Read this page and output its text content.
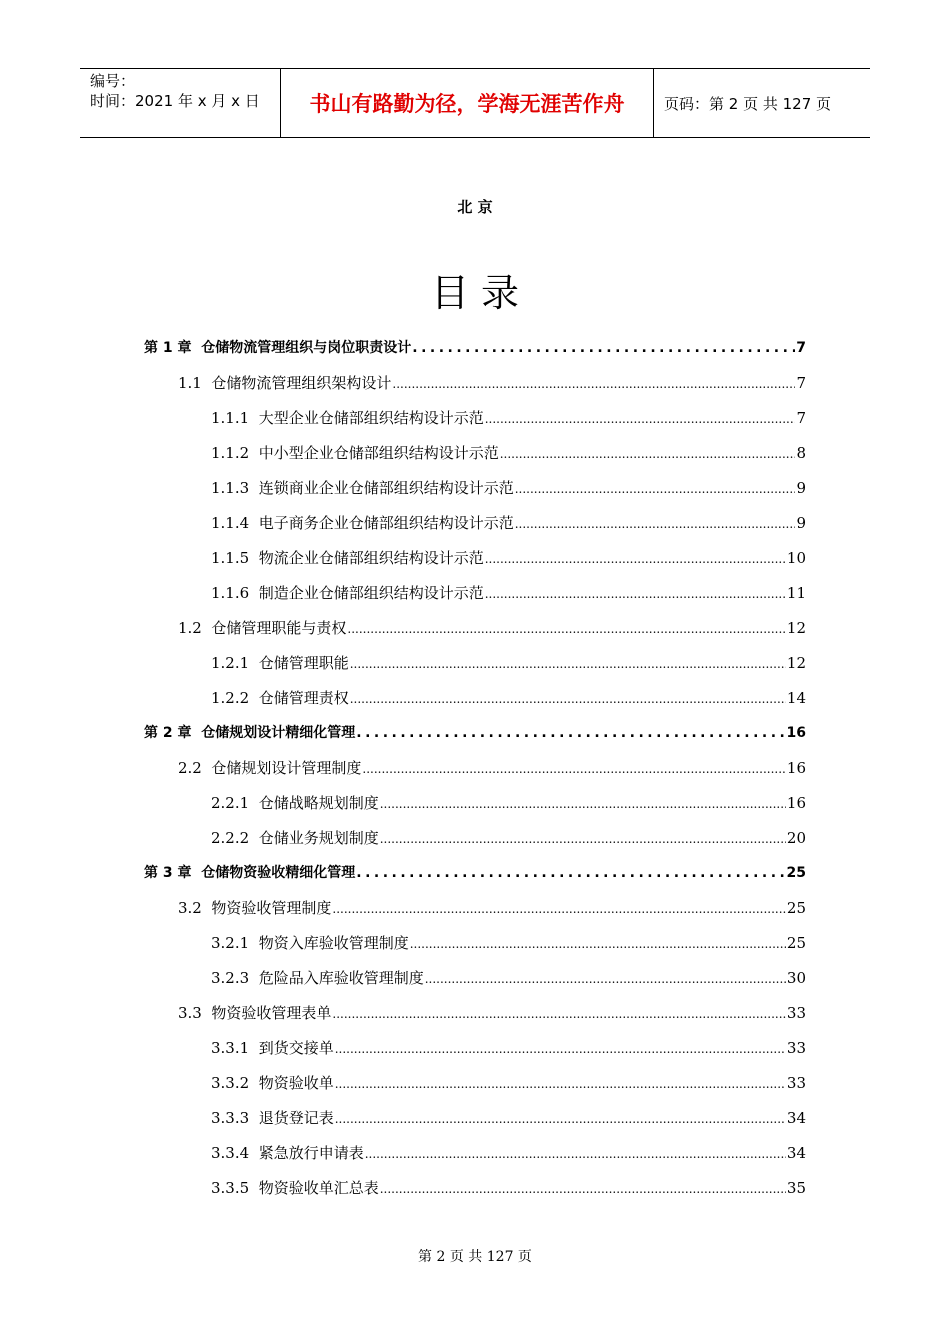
编号：
时间：2021 年 x 月 x 日	书山有路勤为径，学海无涯苦作舟	页码：第 2 页 共 127 页
北 京
目 录
第 1 章 仓储物流管理组织与岗位职责设计 .....	7
1.1 仓储物流管理组织架构设计 .....	7
1.1.1 大型企业仓储部组织结构设计示范 .....	7
1.1.2 中小型企业仓储部组织结构设计示范 .....	8
1.1.3 连锁商业企业仓储部组织结构设计示范 .....	9
1.1.4 电子商务企业仓储部组织结构设计示范 .....	9
1.1.5 物流企业仓储部组织结构设计示范 .....	10
1.1.6 制造企业仓储部组织结构设计示范 .....	11
1.2 仓储管理职能与责权 .....	12
1.2.1 仓储管理职能 .....	12
1.2.2 仓储管理责权 .....	14
第 2 章 仓储规划设计精细化管理 .....	16
2.2 仓储规划设计管理制度 .....	16
2.2.1 仓储战略规划制度 .....	16
2.2.2 仓储业务规划制度 .....	20
第 3 章 仓储物资验收精细化管理 .....	25
3.2 物资验收管理制度 .....	25
3.2.1 物资入库验收管理制度 .....	25
3.2.3 危险品入库验收管理制度 .....	30
3.3 物资验收管理表单 .....	33
3.3.1 到货交接单 .....	33
3.3.2 物资验收单 .....	33
3.3.3 退货登记表 .....	34
3.3.4 紧急放行申请表 .....	34
3.3.5 物资验收单汇总表 .....	35
第 2 页 共 127 页
